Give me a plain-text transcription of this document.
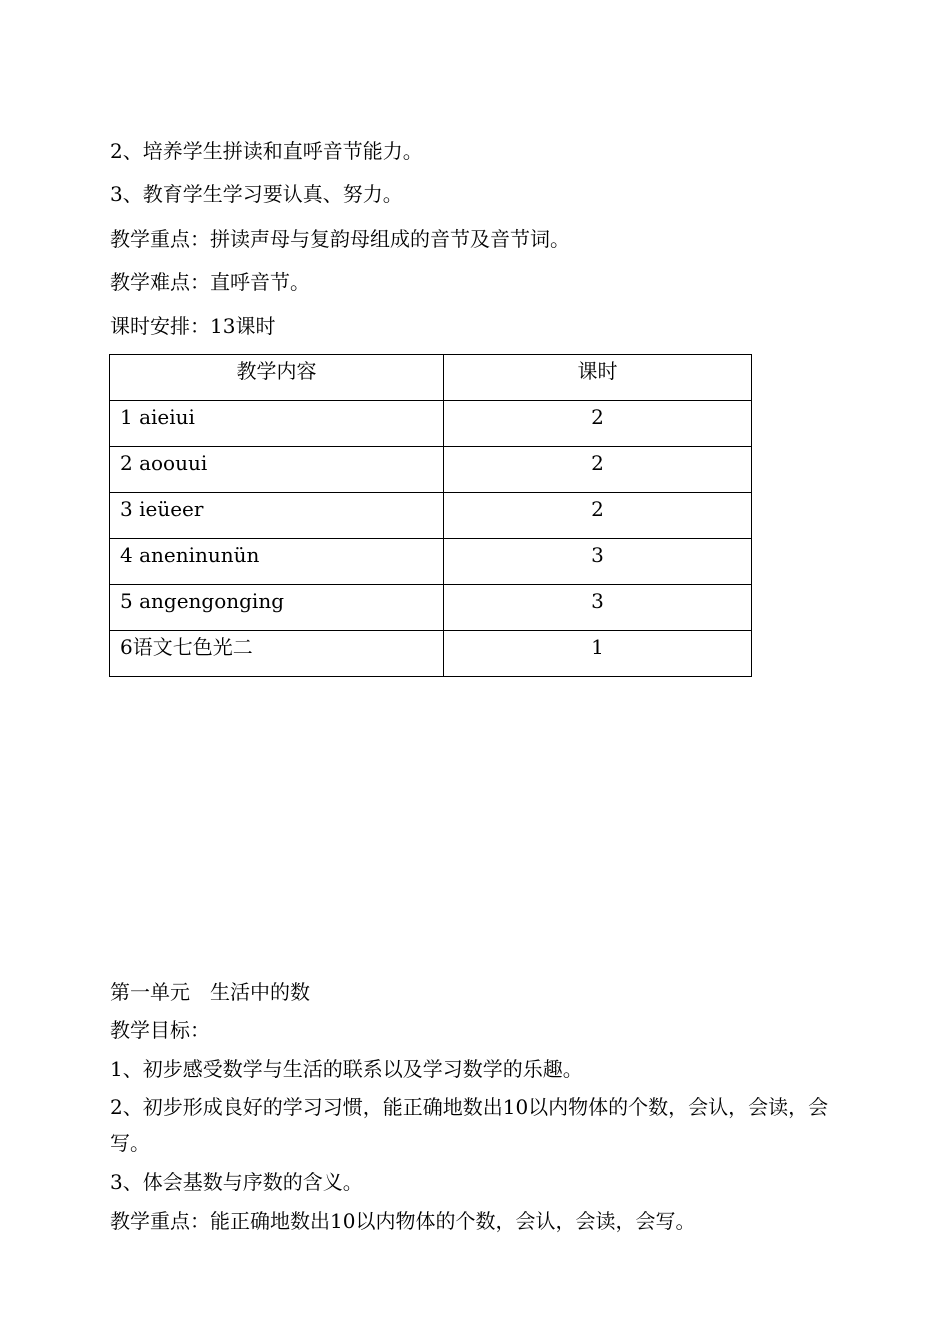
2、培养学生拼读和直呼音节能力。
3、教育学生学习要认真、努力。
教学重点：拼读声母与复韵母组成的音节及音节词。
教学难点：直呼音节。
课时安排：13课时
教学内容	课时
1 aieiui	2
2 aoouui	2
3 ieüeer	2
4 aneninunün	3
5 angengonging	3
6语文七色光二	1
第一单元　生活中的数
教学目标：
1、初步感受数学与生活的联系以及学习数学的乐趣。
2、初步形成良好的学习习惯，能正确地数出10以内物体的个数，会认，会读，会写。
3、体会基数与序数的含义。
教学重点：能正确地数出10以内物体的个数，会认，会读，会写。
